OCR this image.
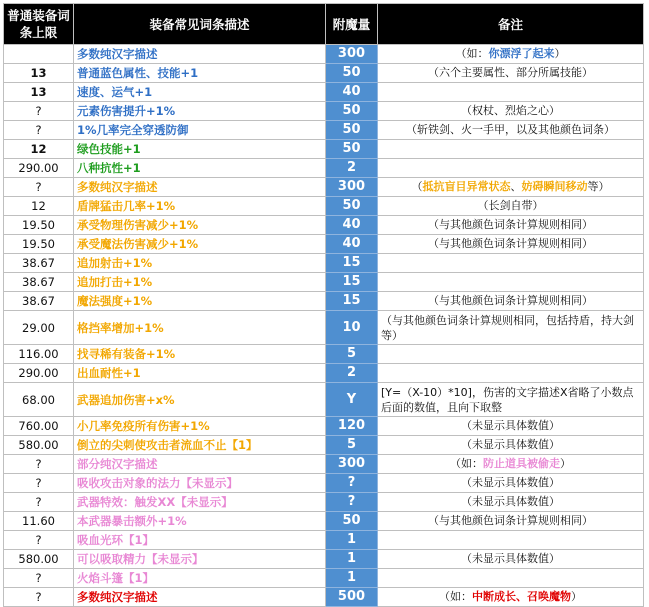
普通装备词条上限	装备常见词条描述	附魔量	备注
	多数纯汉字描述	300	（如：你漂浮了起来）
13	普通蓝色属性、技能+1	50	（六个主要属性、部分所属技能）
13	速度、运气+1	40	
?	元素伤害提升+1%	50	（权杖、烈焰之心）
?	1%几率完全穿透防御	50	（斩铁剑、火一手甲，以及其他颜色词条）
12	绿色技能+1	50	
290.00	八种抗性+1	2	
?	多数纯汉字描述	300	（抵抗盲目异常状态、妨碍瞬间移动等）
12	盾牌猛击几率+1%	50	（长剑自带）
19.50	承受物理伤害减少+1%	40	（与其他颜色词条计算规则相同）
19.50	承受魔法伤害减少+1%	40	（与其他颜色词条计算规则相同）
38.67	追加射击+1%	15	
38.67	追加打击+1%	15	
38.67	魔法强度+1%	15	（与其他颜色词条计算规则相同）
29.00	格挡率增加+1%	10	（与其他颜色词条计算规则相同，包括持盾，持大剑等）
116.00	找寻稀有装备+1%	5	
290.00	出血耐性+1	2	
68.00	武器追加伤害+x%	Y	[Y=（X-10）*10]，伤害的文字描述X省略了小数点后面的数值，且向下取整
760.00	小几率免疫所有伤害+1%	120	（未显示具体数值）
580.00	倒立的尖刺使攻击者流血不止【1】	5	（未显示具体数值）
?	部分纯汉字描述	300	（如：防止道具被偷走）
?	吸收攻击对象的法力【未显示】	?	（未显示具体数值）
?	武器特效：触发XX【未显示】	?	（未显示具体数值）
11.60	本武器暴击额外+1%	50	（与其他颜色词条计算规则相同）
?	吸血光环【1】	1	
580.00	可以吸取精力【未显示】	1	（未显示具体数值）
?	火焰斗篷【1】	1	
?	多数纯汉字描述	500	（如：中断成长、召唤魔物）
